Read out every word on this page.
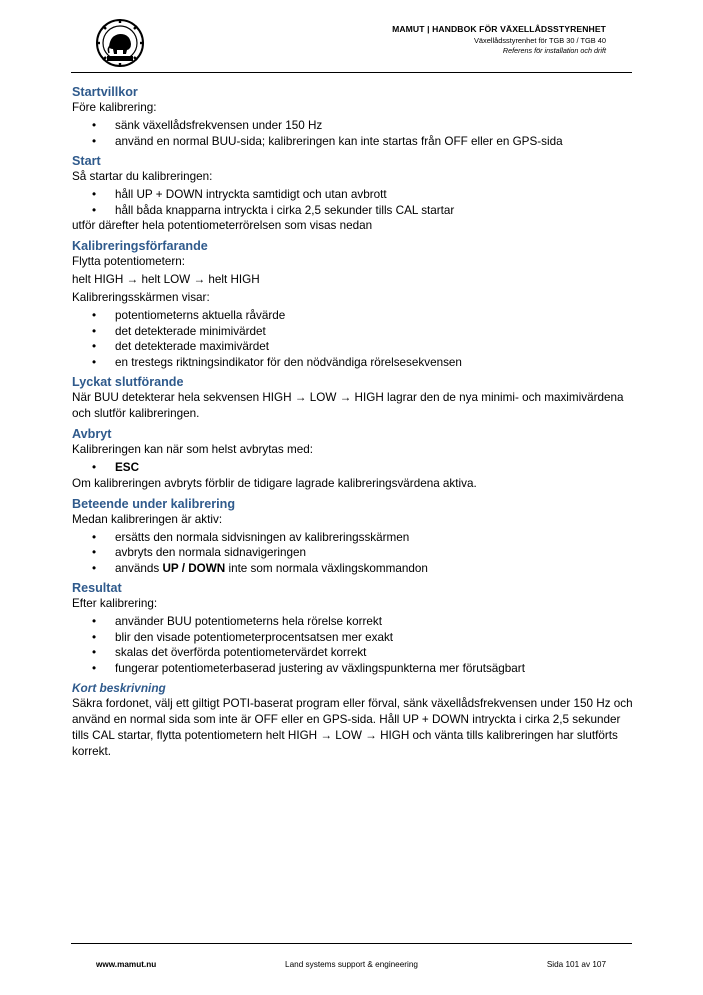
MAMUT | HANDBOK FÖR VÄXELLÅDSSTYRENHET
Växellådsstyrenhet för TGB 30 / TGB 40
Referens för installation och drift
Startvillkor

Före kalibrering:

• sänk växellådsfrekvensen under 150 Hz
• använd en normal BUU-sida; kalibreringen kan inte startas från OFF eller en GPS-sida
Start

Så startar du kalibreringen:

• håll UP + DOWN intryckta samtidigt och utan avbrott
• håll båda knapparna intryckta i cirka 2,5 sekunder tills CAL startar

utför därefter hela potentiometerrörelsen som visas nedan

Kalibreringsförfarande

Flytta potentiometern:

helt HIGH → helt LOW → helt HIGH

Kalibreringsskärmen visar:

• potentiometerns aktuella råvärde
• det detekterade minimivärdet
• det detekterade maximivärdet
• en trestegs riktningsindikator för den nödvändiga rörelsesekvensen
Lyckat slutförande

När BUU detekterar hela sekvensen HIGH → LOW → HIGH lagrar den de nya minimi- och maximivärdena och slutför kalibreringen.

Avbryt

Kalibreringen kan när som helst avbrytas med:

• ESC

Om kalibreringen avbryts förblir de tidigare lagrade kalibreringsvärdena aktiva.

Beteende under kalibrering

Medan kalibreringen är aktiv:

• ersätts den normala sidvisningen av kalibreringsskärmen
• avbryts den normala sidnavigeringen
• används UP / DOWN inte som normala växlingskommandon
Resultat

Efter kalibrering:

• använder BUU potentiometerns hela rörelse korrekt
• blir den visade potentiometerprocentsatsen mer exakt
• skalas det överförda potentiometervärdet korrekt
• fungerar potentiometerbaserad justering av växlingspunkterna mer förutsägbart
Kort beskrivning

Säkra fordonet, välj ett giltigt POTI-baserat program eller förval, sänk växellådsfrekvensen under 150 Hz och använd en normal sida som inte är OFF eller en GPS-sida. Håll UP + DOWN intryckta i cirka 2,5 sekunder tills CAL startar, flytta potentiometern helt HIGH → LOW → HIGH och vänta tills kalibreringen har slutförts korrekt.

www.mamut.nu	Land systems support & engineering	Sida 101 av 107
